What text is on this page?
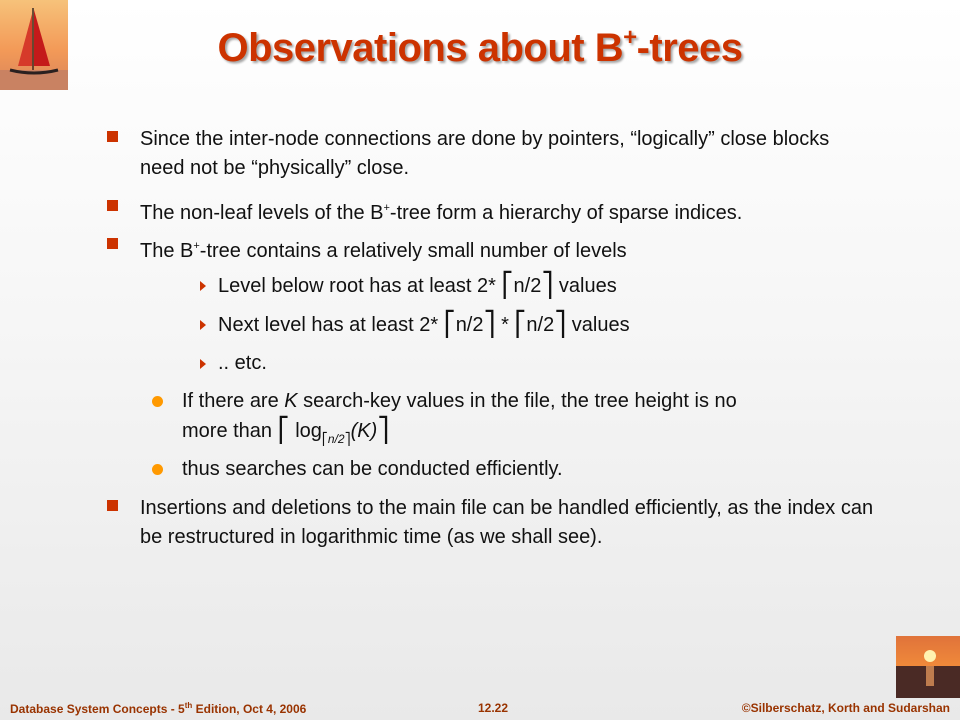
Observations about B+-trees
Since the inter-node connections are done by pointers, “logically” close blocks need not be “physically” close.
The non-leaf levels of the B+-tree form a hierarchy of sparse indices.
The B+-tree contains a relatively small number of levels
Level below root has at least 2* ⎡n/2⎤ values
Next level has at least 2* ⎡n/2⎤ * ⎡n/2⎤ values
.. etc.
If there are K search-key values in the file, the tree height is no
more than ⎡ $\log_{⎡n/2⎤}(K)⎤$
thus searches can be conducted efficiently.
Insertions and deletions to the main file can be handled efficiently, as the index can be restructured in logarithmic time (as we shall see).
Database System Concepts - 5th Edition, Oct 4, 2006	12.22	©Silberschatz, Korth and Sudarshan
